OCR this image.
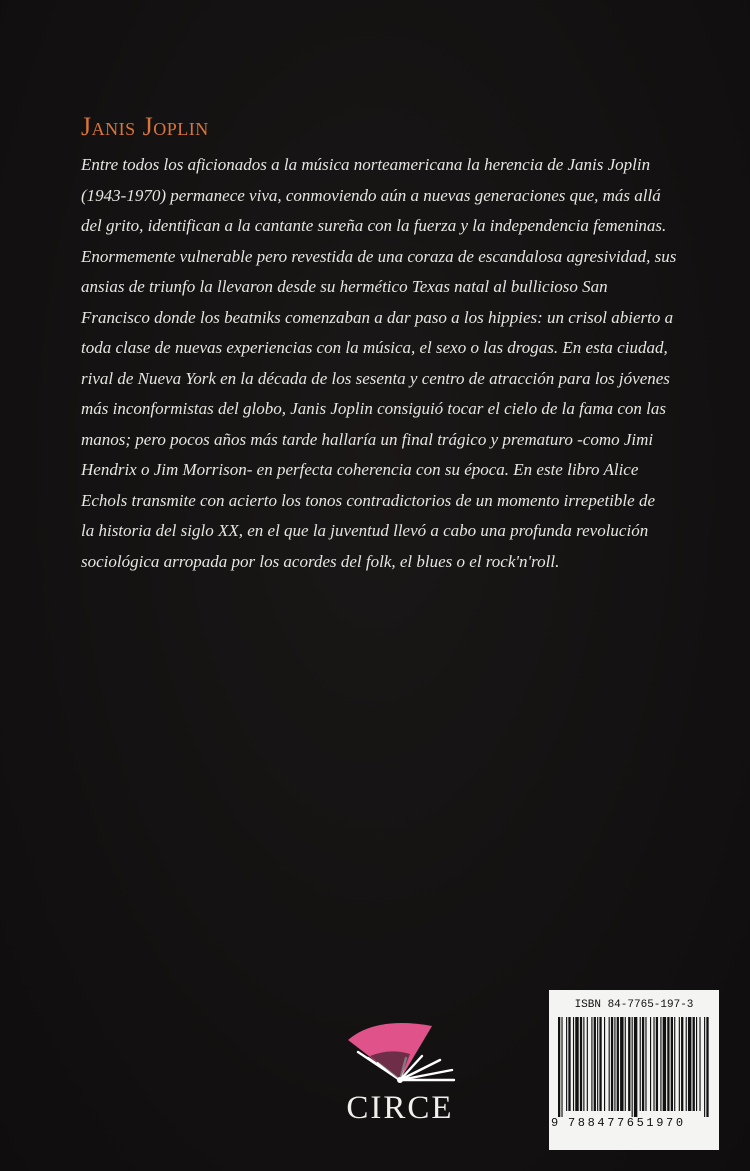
Janis Joplin

Entre todos los aficionados a la música norteamericana la herencia de Janis Joplin
(1943-1970) permanece viva, conmoviendo aún a nuevas generaciones que, más allá
del grito, identifican a la cantante sureña con la fuerza y la independencia femeninas.
Enormemente vulnerable pero revestida de una coraza de escandalosa agresividad, sus
ansias de triunfo la llevaron desde su hermético Texas natal al bullicioso San
Francisco donde los beatniks comenzaban a dar paso a los hippies: un crisol abierto a
toda clase de nuevas experiencias con la música, el sexo o las drogas. En esta ciudad,
rival de Nueva York en la década de los sesenta y centro de atracción para los jóvenes
más inconformistas del globo, Janis Joplin consiguió tocar el cielo de la fama con las
manos; pero pocos años más tarde hallaría un final trágico y prematuro -como Jimi
Hendrix o Jim Morrison- en perfecta coherencia con su época. En este libro Alice
Echols transmite con acierto los tonos contradictorios de un momento irrepetible de
la historia del siglo XX, en el que la juventud llevó a cabo una profunda revolución
sociológica arropada por los acordes del folk, el blues o el rock'n'roll.

CIRCE
ISBN 84-7765-197-3
9 788477651970
